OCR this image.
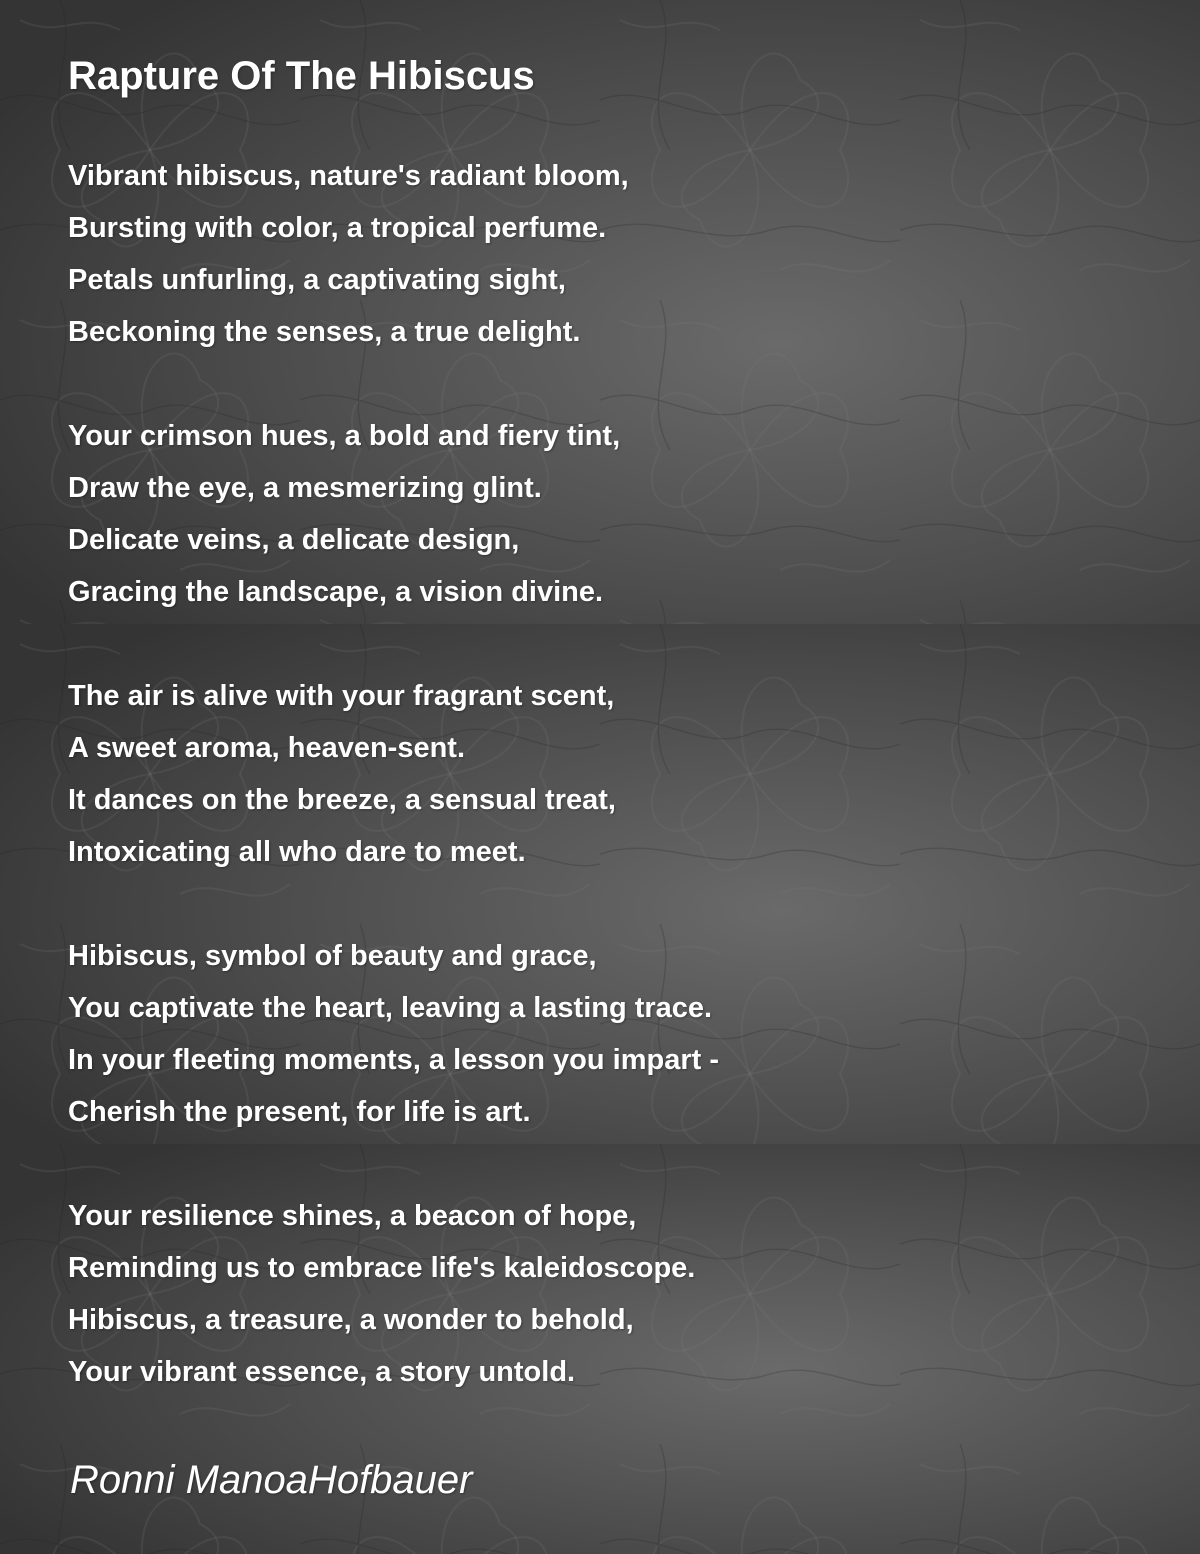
Rapture Of The Hibiscus
Vibrant hibiscus, nature's radiant bloom,
Bursting with color, a tropical perfume.
Petals unfurling, a captivating sight,
Beckoning the senses, a true delight.
Your crimson hues, a bold and fiery tint,
Draw the eye, a mesmerizing glint.
Delicate veins, a delicate design,
Gracing the landscape, a vision divine.
The air is alive with your fragrant scent,
A sweet aroma, heaven-sent.
It dances on the breeze, a sensual treat,
Intoxicating all who dare to meet.
Hibiscus, symbol of beauty and grace,
You captivate the heart, leaving a lasting trace.
In your fleeting moments, a lesson you impart -
Cherish the present, for life is art.
Your resilience shines, a beacon of hope,
Reminding us to embrace life's kaleidoscope.
Hibiscus, a treasure, a wonder to behold,
Your vibrant essence, a story untold.

Ronni ManoaHofbauer
